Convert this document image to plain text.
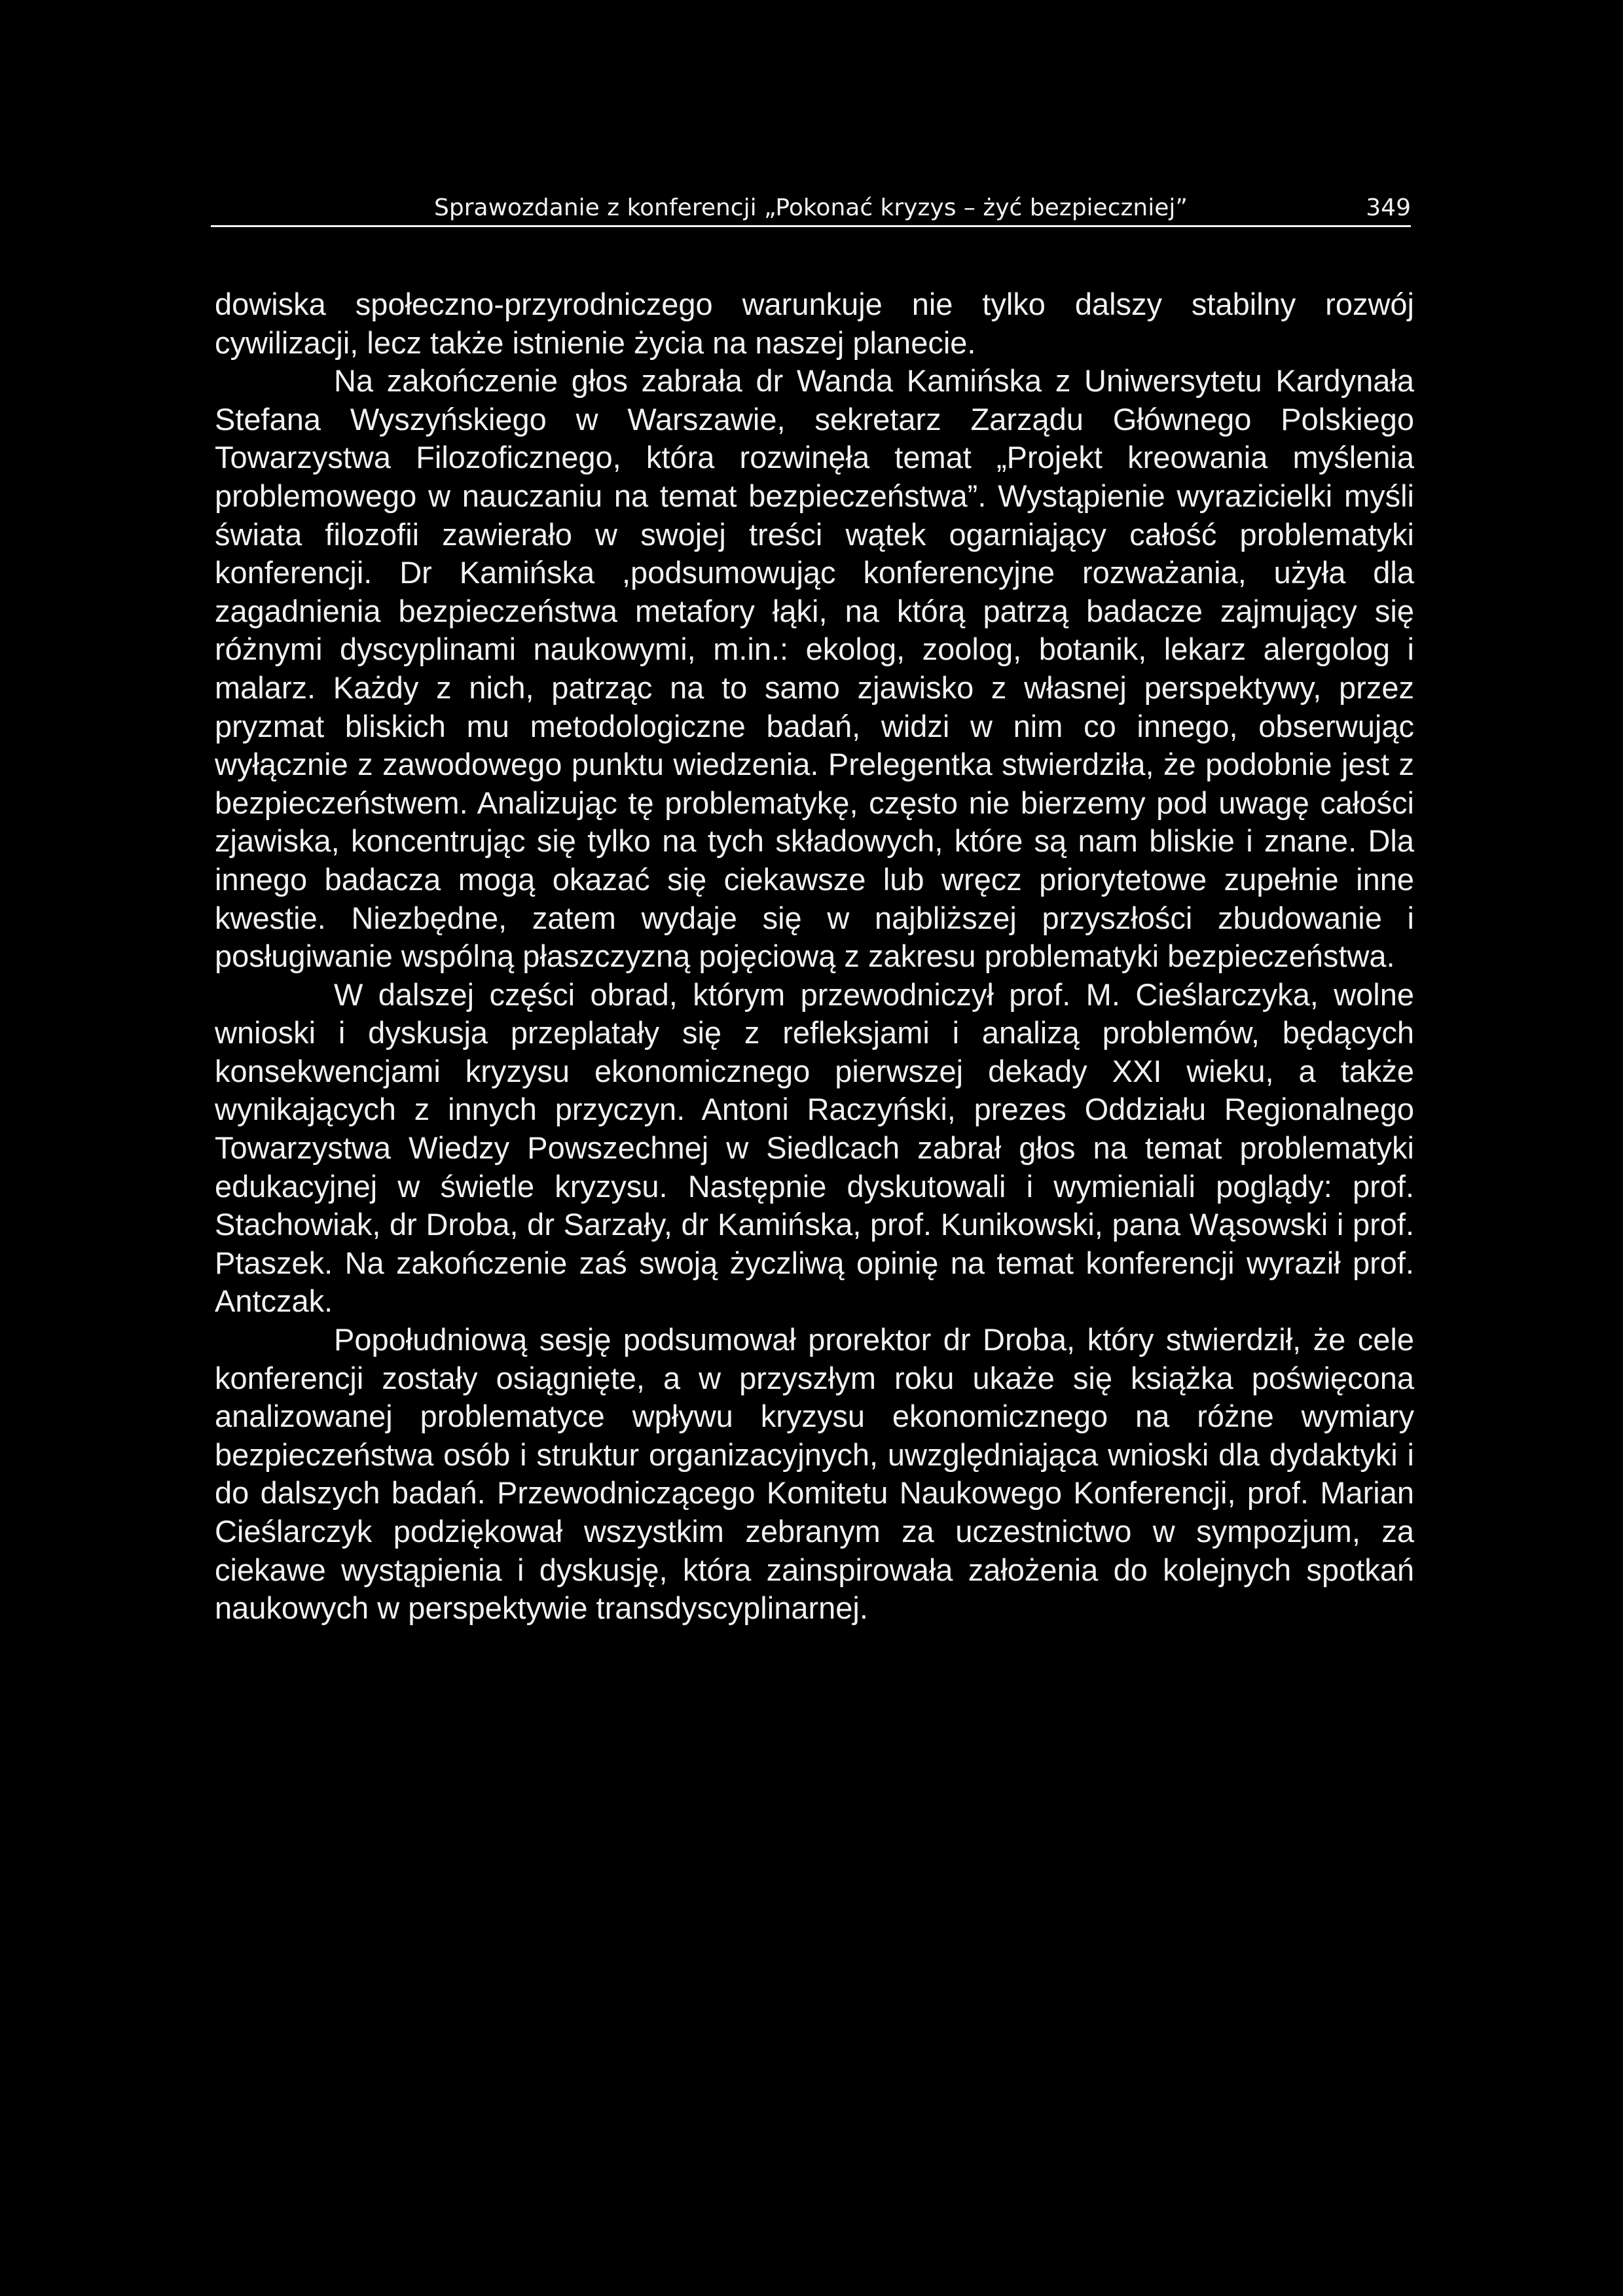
Sprawozdanie z konferencji „Pokonać kryzys – żyć bezpieczniej”	349

dowiska społeczno-przyrodniczego warunkuje nie tylko dalszy stabilny rozwój cywilizacji, lecz także istnienie życia na naszej planecie.

Na zakończenie głos zabrała dr Wanda Kamińska z Uniwersytetu Kardynała Stefana Wyszyńskiego w Warszawie, sekretarz Zarządu Głównego Polskiego Towarzystwa Filozoficznego, która rozwinęła temat „Projekt kreowania myślenia problemowego w nauczaniu na temat bezpieczeństwa”. Wystąpienie wyrazicielki myśli świata filozofii zawierało w swojej treści wątek ogarniający całość problematyki konferencji. Dr Kamińska ,podsumowując konferencyjne rozważania, użyła dla zagadnienia bezpieczeństwa metafory łąki, na którą patrzą badacze zajmujący się różnymi dyscyplinami naukowymi, m.in.: ekolog, zoolog, botanik, lekarz alergolog i malarz. Każdy z nich, patrząc na to samo zjawisko z własnej perspektywy, przez pryzmat bliskich mu metodologiczne badań, widzi w nim co innego, obserwując wyłącznie z zawodowego punktu wiedzenia. Prelegentka stwierdziła, że podobnie jest z bezpieczeństwem. Analizując tę problematykę, często nie bierzemy pod uwagę całości zjawiska, koncentrując się tylko na tych składowych, które są nam bliskie i znane. Dla innego badacza mogą okazać się ciekawsze lub wręcz priorytetowe zupełnie inne kwestie. Niezbędne, zatem wydaje się w najbliższej przyszłości zbudowanie i posługiwanie wspólną płaszczyzną pojęciową z zakresu problematyki bezpieczeństwa.

W dalszej części obrad, którym przewodniczył prof. M. Cieślarczyka, wolne wnioski i dyskusja przeplatały się z refleksjami i analizą problemów, będących konsekwencjami kryzysu ekonomicznego pierwszej dekady XXI wieku, a także wynikających z innych przyczyn. Antoni Raczyński, prezes Oddziału Regionalnego Towarzystwa Wiedzy Powszechnej w Siedlcach zabrał głos na temat problematyki edukacyjnej w świetle kryzysu. Następnie dyskutowali i wymieniali poglądy: prof. Stachowiak, dr Droba, dr Sarzały, dr Kamińska, prof. Kunikowski, pana Wąsowski i prof. Ptaszek. Na zakończenie zaś swoją życzliwą opinię na temat konferencji wyraził prof. Antczak.

Popołudniową sesję podsumował prorektor dr Droba, który stwierdził, że cele konferencji zostały osiągnięte, a w przyszłym roku ukaże się książka poświęcona analizowanej problematyce wpływu kryzysu ekonomicznego na różne wymiary bezpieczeństwa osób i struktur organizacyjnych, uwzględniająca wnioski dla dydaktyki i do dalszych badań. Przewodniczącego Komitetu Naukowego Konferencji, prof. Marian Cieślarczyk podziękował wszystkim zebranym za uczestnictwo w sympozjum, za ciekawe wystąpienia i dyskusję, która zainspirowała założenia do kolejnych spotkań naukowych w perspektywie transdyscyplinarnej.
